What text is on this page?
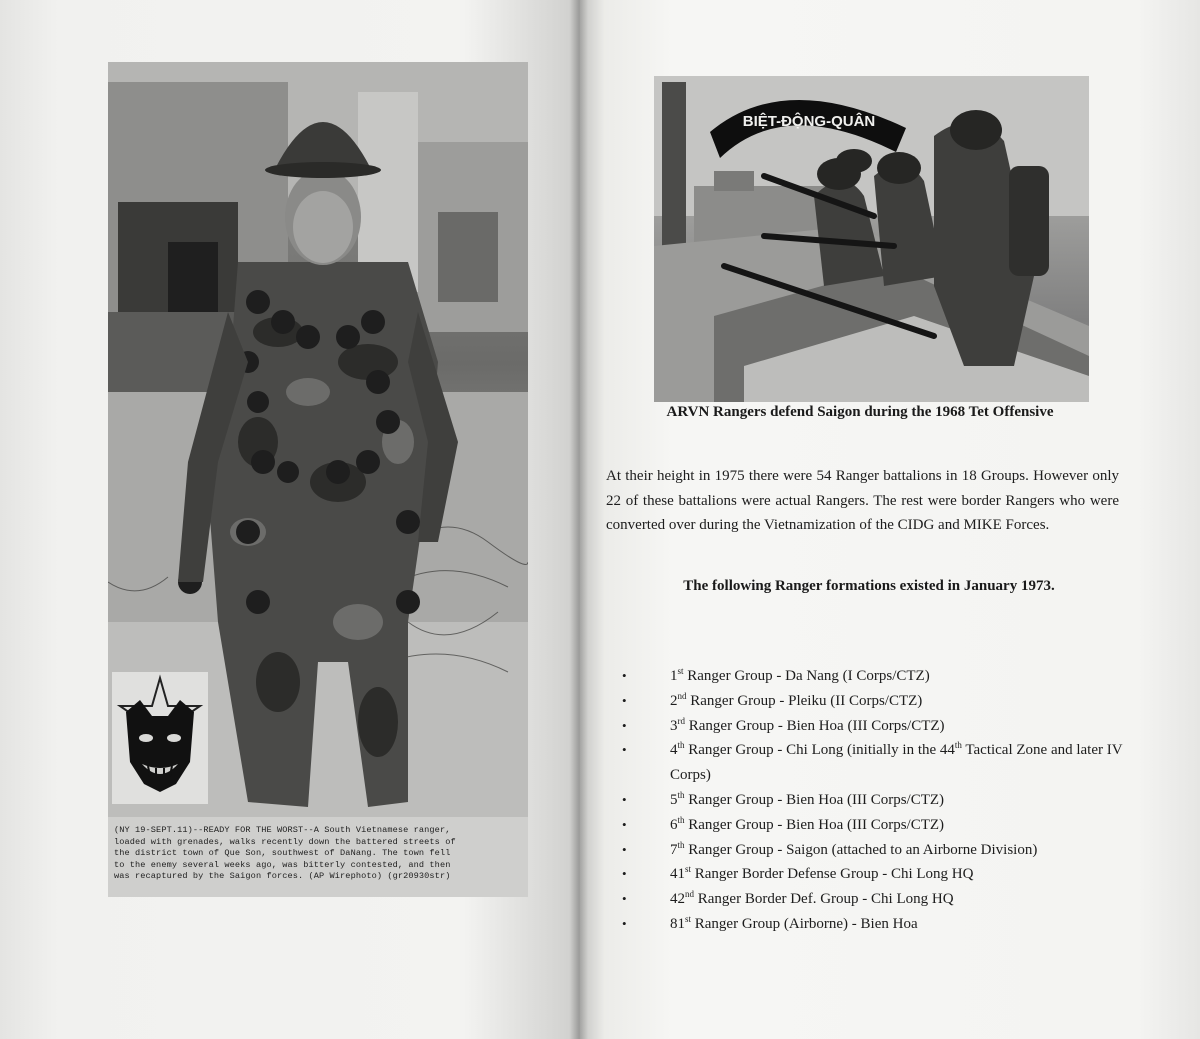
(NY 19-SEPT.11)--READY FOR THE WORST--A South Vietnamese ranger,
loaded with grenades, walks recently down the battered streets of
the district town of Que Son, southwest of DaNang. The town fell
to the enemy several weeks ago, was bitterly contested, and then
was recaptured by the Saigon forces. (AP Wirephoto) (gr20930str)
BIỆT-ĐỘNG-QUÂN
ARVN Rangers defend Saigon during the 1968 Tet Offensive
At their height in 1975 there were 54 Ranger battalions in 18 Groups. However only 22 of these battalions were actual Rangers. The rest were border Rangers who were converted over during the Vietnamization of the CIDG and MIKE Forces.
The following Ranger formations existed in January 1973.
• 1st Ranger Group - Da Nang (I Corps/CTZ)
• 2nd Ranger Group - Pleiku (II Corps/CTZ)
• 3rd Ranger Group - Bien Hoa (III Corps/CTZ)
• 4th Ranger Group - Chi Long (initially in the 44th Tactical Zone and later IV Corps)
• 5th Ranger Group - Bien Hoa (III Corps/CTZ)
• 6th Ranger Group - Bien Hoa (III Corps/CTZ)
• 7th Ranger Group - Saigon (attached to an Airborne Division)
• 41st Ranger Border Defense Group - Chi Long HQ
• 42nd Ranger Border Def. Group - Chi Long HQ
• 81st Ranger Group (Airborne) - Bien Hoa
